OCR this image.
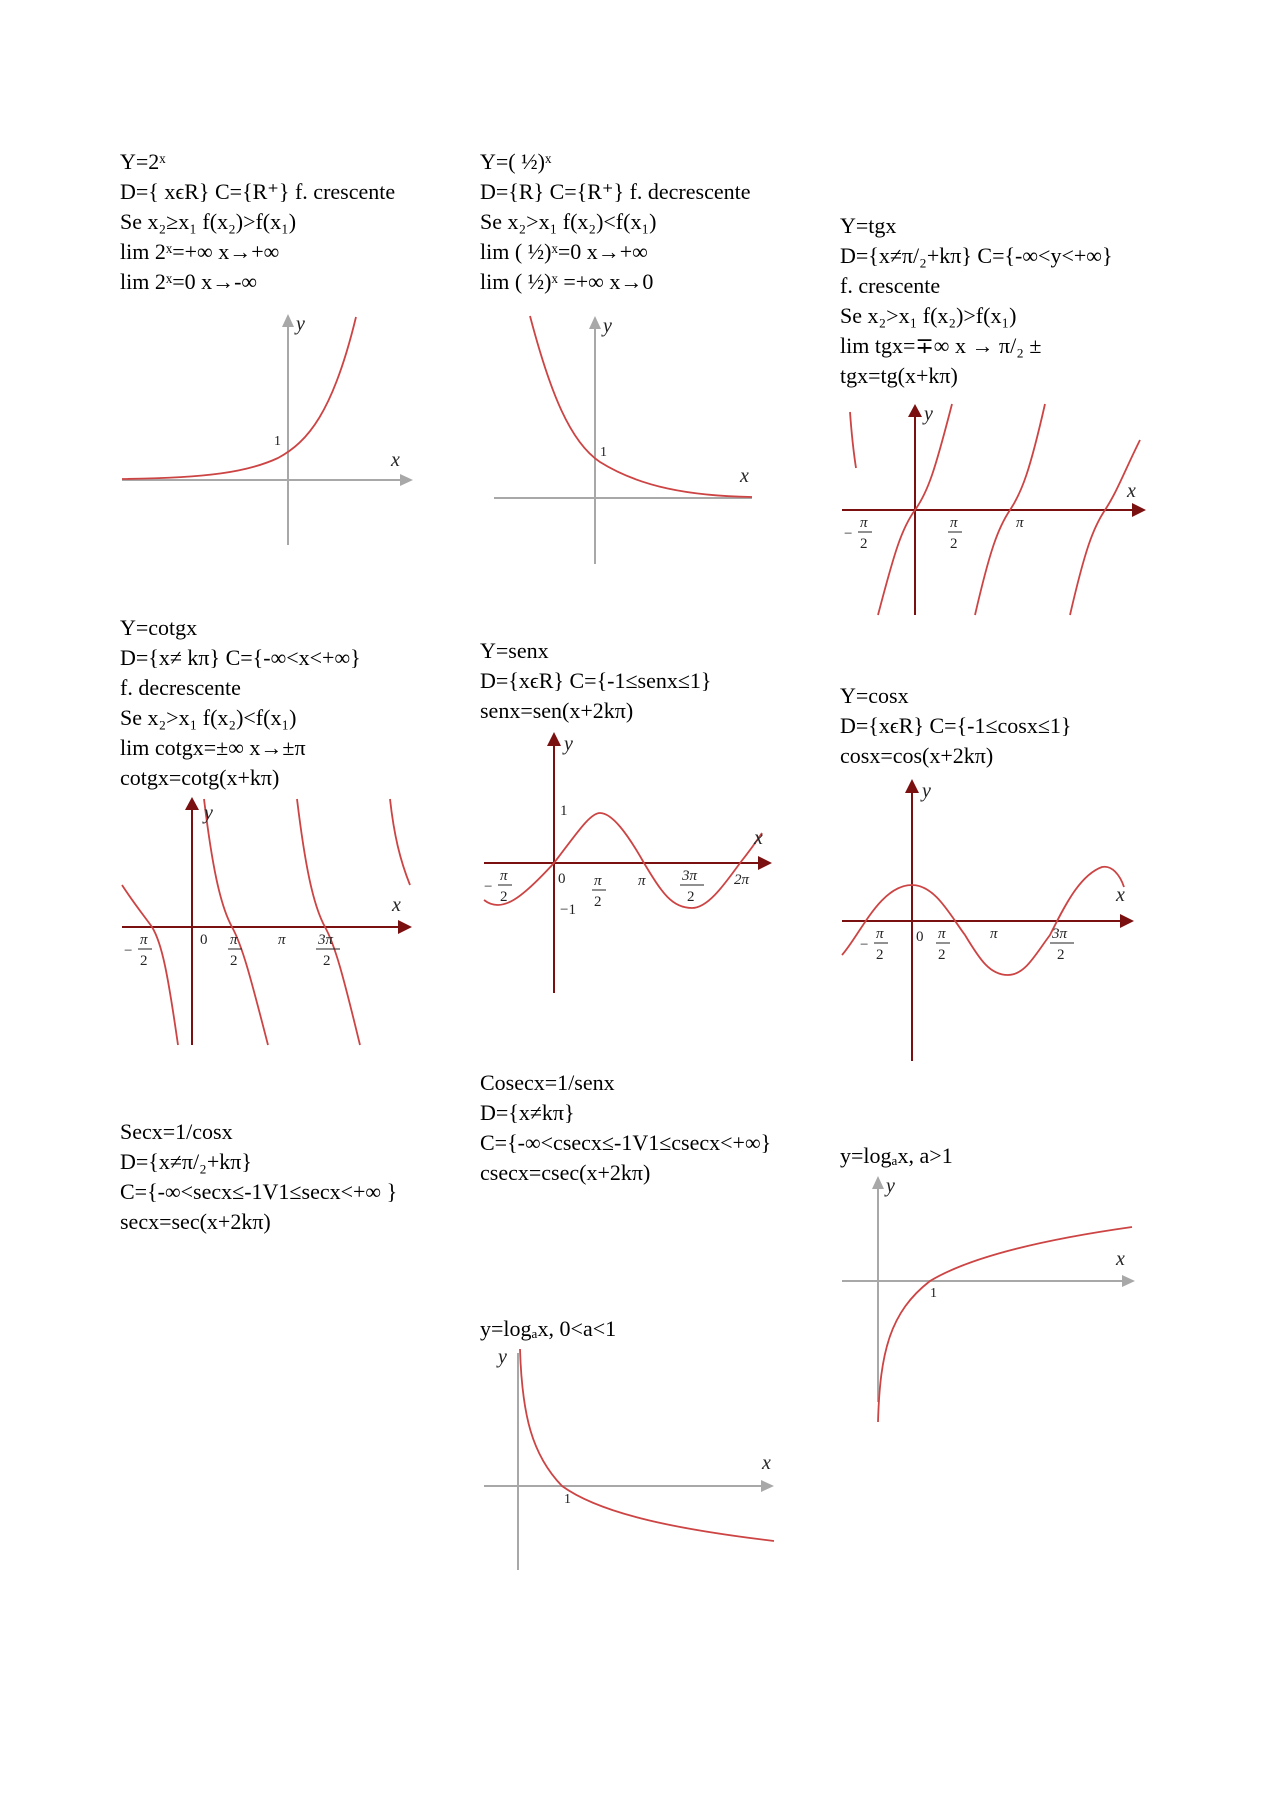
Y=2ˣ
D={ xϵR} C={R⁺} f. crescente
Se x₂≥x₁ f(x₂)>f(x₁)
lim 2ˣ=+∞ x→+∞
lim 2ˣ=0 x→-∞
y
x
1
Y=( ½)ˣ
D={R} C={R⁺} f. decrescente
Se x₂>x₁ f(x₂)<f(x₁)
lim ( ½)ˣ=0 x→+∞
lim ( ½)ˣ =+∞ x→0
y
x
1
Y=tgx
D={x≠π/₂+kπ} C={-∞<y<+∞}
f. crescente
Se x₂>x₁ f(x₂)>f(x₁)
lim tgx=∓∞ x → π/₂ ±
tgx=tg(x+kπ)
y
x
−
π
2
π
2
π
Y=cotgx
D={x≠ kπ} C={-∞<x<+∞}
f. decrescente
Se x₂>x₁ f(x₂)<f(x₁)
lim cotgx=±∞ x→±π
cotgx=cotg(x+kπ)
y
x
−
π
2
0 π
2
π 3π
2
Y=senx
D={xϵR} C={-1≤senx≤1}
senx=sen(x+2kπ)
y
x
1
0
−1
−
π
2
π
2
π 3π
2
2π
Y=cosx
D={xϵR} C={-1≤cosx≤1}
cosx=cos(x+2kπ)
y
x
0
−
π
2
π
2
π	3π
2
Secx=1/cosx
D={x≠π/₂+kπ}
C={-∞<secx≤-1V1≤secx<+∞ }
secx=sec(x+2kπ)
Cosecx=1/senx
D={x≠kπ}
C={-∞<csecx≤-1V1≤csecx<+∞}
csecx=csec(x+2kπ)
y=logₐx, a>1
y
x
1
y=logₐx, 0<a<1
y
x
1
